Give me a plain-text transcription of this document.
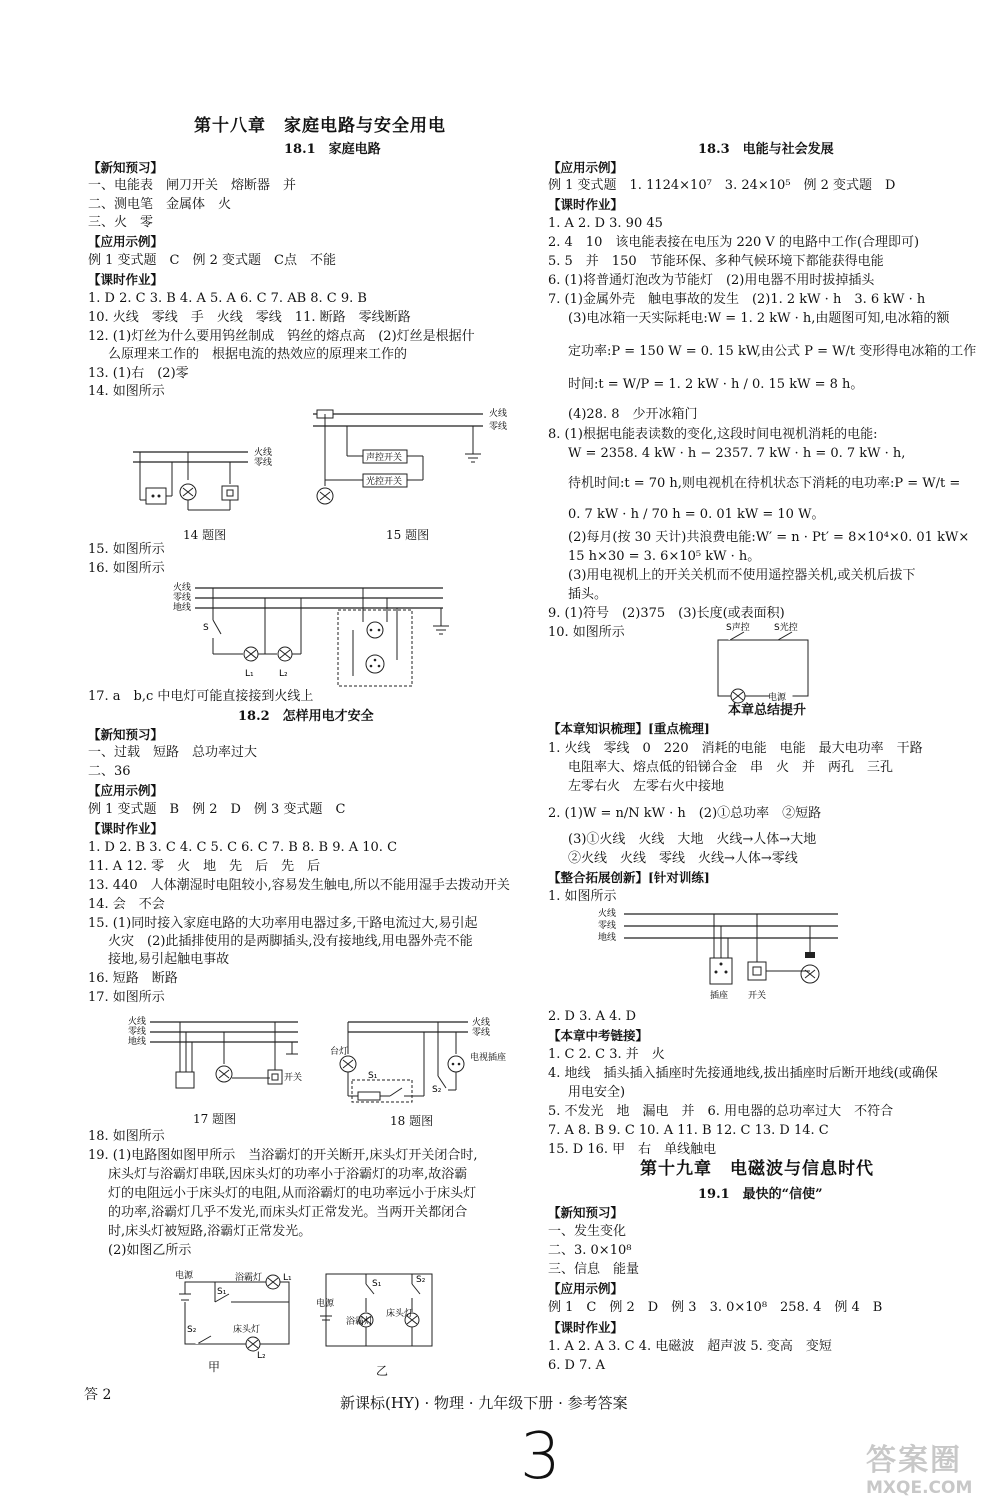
第十八章　家庭电路与安全用电
18.1　家庭电路
【新知预习】
一、电能表　闸刀开关　熔断器　并
二、测电笔　金属体　火
三、火　零
【应用示例】
例 1 变式题　C　例 2 变式题　C点　不能
【课时作业】
1. D 2. C 3. B 4. A 5. A 6. C 7. AB 8. C 9. B
10. 火线　零线　手　火线　零线　11. 断路　零线断路
12. (1)灯丝为什么要用钨丝制成　钨丝的熔点高　(2)灯丝是根据什
么原理来工作的　根据电流的热效应的原理来工作的
13. (1)右　(2)零
14. 如图所示
火线
零线
火线
零线
声控开关
光控开关
14 题图	15 题图
15. 如图所示
16. 如图所示
火线
零线
地线
S
L₁	L₂
17. a　b,c 中电灯可能直接接到火线上
18.2　怎样用电才安全
【新知预习】
一、过载　短路　总功率过大
二、36
【应用示例】
例 1 变式题　B　例 2　D　例 3 变式题　C
【课时作业】
1. D 2. B 3. C 4. C 5. C 6. C 7. B 8. B 9. A 10. C
11. A 12. 零　火　地　先　后　先　后
13. 440　人体潮湿时电阻较小,容易发生触电,所以不能用湿手去拨动开关
14. 会　不会
15. (1)同时接入家庭电路的大功率用电器过多,干路电流过大,易引起
火灾　(2)此插排使用的是两脚插头,没有接地线,用电器外壳不能
接地,易引起触电事故
16. 短路　断路
17. 如图所示
火线
零线
地线
开关
火线
零线
台灯
S₁
S₂
电视插座
17 题图	18 题图
18. 如图所示
19. (1)电路图如图甲所示　当浴霸灯的开关断开,床头灯开关闭合时,
床头灯与浴霸灯串联,因床头灯的功率小于浴霸灯的功率,故浴霸
灯的电阻远小于床头灯的电阻,从而浴霸灯的电功率远小于床头灯
的功率,浴霸灯几乎不发光,而床头灯正常发光。当两开关都闭合
时,床头灯被短路,浴霸灯正常发光。
(2)如图乙所示
电源	浴霸灯 L₁
S₁
S₂	床头灯
L₂
电源
S₁
浴霸灯
S₂
床头灯
甲	乙
18.3　电能与社会发展
【应用示例】
例 1 变式题　1. 1124×10⁷　3. 24×10⁵　例 2 变式题　D
【课时作业】
1. A 2. D 3. 90 45
2. 4　10　该电能表接在电压为 220 V 的电路中工作(合理即可)
5. 5　并　150　节能环保、多种气候环境下都能获得电能
6. (1)将普通灯泡改为节能灯　(2)用电器不用时拔掉插头
7. (1)金属外壳　触电事故的发生　(2)1. 2 kW · h　3. 6 kW · h
(3)电冰箱一天实际耗电:W = 1. 2 kW · h,由题图可知,电冰箱的额
定功率:P = 150 W = 0. 15 kW,由公式 P = W/t 变形得电冰箱的工作
时间:t = W/P = 1. 2 kW · h / 0. 15 kW = 8 h。
(4)28. 8　少开冰箱门
8. (1)根据电能表读数的变化,这段时间电视机消耗的电能:
W = 2358. 4 kW · h − 2357. 7 kW · h = 0. 7 kW · h,
待机时间:t = 70 h,则电视机在待机状态下消耗的电功率:P = W/t =
0. 7 kW · h / 70 h = 0. 01 kW = 10 W。
(2)每月(按 30 天计)共浪费电能:W′ = n · Pt′ = 8×10⁴×0. 01 kW×
15 h×30 = 3. 6×10⁵ kW · h。
(3)用电视机上的开关关机而不使用遥控器关机,或关机后拔下
插头。
9. (1)符号　(2)375　(3)长度(或表面积)
10. 如图所示	S声控	S光控
电源
本章总结提升
【本章知识梳理】[重点梳理]
1. 火线　零线　0　220　消耗的电能　电能　最大电功率　干路
电阻率大、熔点低的铅锑合金　串　火　并　两孔　三孔
左零右火　左零右火中接地
2. (1)W = n/N kW · h　(2)①总功率　②短路
(3)①火线　火线　大地　火线→人体→大地
②火线　火线　零线　火线→人体→零线
【整合拓展创新】[针对训练]
1. 如图所示
火线
零线
地线
插座 开关
2. D 3. A 4. D
【本章中考链接】
1. C 2. C 3. 并　火
4. 地线　插头插入插座时先接通地线,拔出插座时后断开地线(或确保
用电安全)
5. 不发光　地　漏电　并　6. 用电器的总功率过大　不符合
7. A 8. B 9. C 10. A 11. B 12. C 13. D 14. C
15. D 16. 甲　右　单线触电
第十九章　电磁波与信息时代
19.1　最快的“信使”
【新知预习】
一、发生变化
二、3. 0×10⁸
三、信息　能量
【应用示例】
例 1　C　例 2　D　例 3　3. 0×10⁸　258. 4　例 4　B
【课时作业】
1. A 2. A 3. C 4. 电磁波　超声波 5. 变高　变短
6. D 7. A
答 2	新课标(HY) · 物理 · 九年级下册 · 参考答案
3	答案圈
MXQE.COM
